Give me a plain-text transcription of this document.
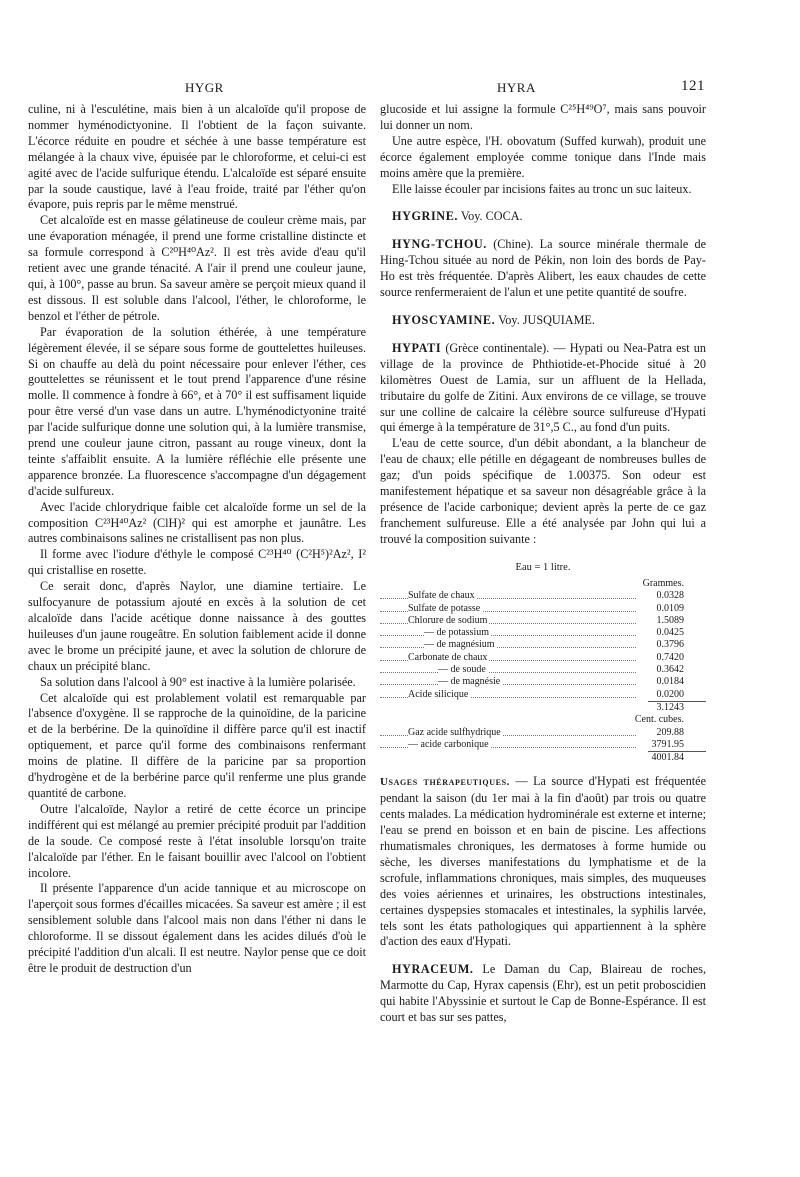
HYGR	HYRA	121

culine, ni à l'esculétine, mais bien à un alcaloïde qu'il propose de nommer hyménodictyonine. Il l'obtient de la façon suivante. L'écorce réduite en poudre et séchée à une basse température est mélangée à la chaux vive, épuisée par le chloroforme, et celui-ci est agité avec de l'acide sulfurique étendu. L'alcaloïde est séparé ensuite par la soude caustique, lavé à l'eau froide, traité par l'éther qu'on évapore, puis repris par le même menstrué.

Cet alcaloïde est en masse gélatineuse de couleur crème mais, par une évaporation ménagée, il prend une forme cristalline distincte et sa formule correspond à C²⁰H⁴⁰Az². Il est très avide d'eau qu'il retient avec une grande ténacité. A l'air il prend une couleur jaune, qui, à 100°, passe au brun. Sa saveur amère se perçoit mieux quand il est dissous. Il est soluble dans l'alcool, l'éther, le chloroforme, le benzol et l'éther de pétrole.

Par évaporation de la solution éthérée, à une température légèrement élevée, il se sépare sous forme de gouttelettes huileuses. Si on chauffe au delà du point nécessaire pour enlever l'éther, ces gouttelettes se réunissent et le tout prend l'apparence d'une résine molle. Il commence à fondre à 66°, et à 70° il est suffisament liquide pour être versé d'un vase dans un autre. L'hyménodictyonine traité par l'acide sulfurique donne une solution qui, à la lumière transmise, prend une couleur jaune citron, passant au rouge vineux, dont la teinte s'affaiblit ensuite. A la lumière réfléchie elle présente une apparence bronzée. La fluorescence s'accompagne d'un dégagement d'acide sulfureux.

Avec l'acide chlorydrique faible cet alcaloïde forme un sel de la composition C²³H⁴⁰Az² (ClH)² qui est amorphe et jaunâtre. Les autres combinaisons salines ne cristallisent pas non plus.

Il forme avec l'iodure d'éthyle le composé C²³H⁴⁰ (C²H⁵)²Az², I² qui cristallise en rosette.

Ce serait donc, d'après Naylor, une diamine tertiaire. Le sulfocyanure de potassium ajouté en excès à la solution de cet alcaloïde dans l'acide acétique donne naissance à des gouttes huileuses d'un jaune rougeâtre. En solution faiblement acide il donne avec le brome un précipité jaune, et avec la solution de chlorure de chaux un précipité blanc.

Sa solution dans l'alcool à 90° est inactive à la lumière polarisée.

Cet alcaloïde qui est prolablement volatil est remarquable par l'absence d'oxygène. Il se rapproche de la quinoïdine, de la paricine et de la berbérine. De la quinoïdine il diffère parce qu'il est inactif optiquement, et parce qu'il forme des combinaisons renfermant moins de platine. Il diffère de la paricine par sa proportion d'hydrogène et de la berbérine parce qu'il renferme une plus grande quantité de carbone.

Outre l'alcaloïde, Naylor a retiré de cette écorce un principe indifférent qui est mélangé au premier précipité produit par l'addition de la soude. Ce composé reste à l'état insoluble lorsqu'on traite l'alcaloïde par l'éther. En le faisant bouillir avec l'alcool on l'obtient incolore.

Il présente l'apparence d'un acide tannique et au microscope on l'aperçoit sous formes d'écailles micacées. Sa saveur est amère ; il est sensiblement soluble dans l'alcool mais non dans l'éther ni dans le chloroforme. Il se dissout également dans les acides dilués d'où le précipité l'addition d'un alcali. Il est neutre. Naylor pense que ce doit être le produit de destruction d'un

glucoside et lui assigne la formule C²⁵H⁴⁹O⁷, mais sans pouvoir lui donner un nom.

Une autre espèce, l'H. obovatum (Suffed kurwah), produit une écorce également employée comme tonique dans l'Inde mais moins amère que la première.

Elle laisse écouler par incisions faites au tronc un suc laiteux.

HYGRINE. Voy. COCA.

HYNG-TCHOU. (Chine). La source minérale thermale de Hing-Tchou située au nord de Pékin, non loin des bords de Pay-Ho est très fréquentée. D'après Alibert, les eaux chaudes de cette source renfermeraient de l'alun et une petite quantité de soufre.

HYOSCYAMINE. Voy. JUSQUIAME.

HYPATI (Grèce continentale). — Hypati ou Nea-Patra est un village de la province de Phthiotide-et-Phocide situé à 20 kilomètres Ouest de Lamia, sur un affluent de la Hellada, tributaire du golfe de Zitini. Aux environs de ce village, se trouve sur une colline de calcaire la célèbre source sulfureuse d'Hypati qui émerge à la température de 31°,5 C., au fond d'un puits.

L'eau de cette source, d'un débit abondant, a la blancheur de l'eau de chaux; elle pétille en dégageant de nombreuses bulles de gaz; d'un poids spécifique de 1.00375. Son odeur est manifestement hépatique et sa saveur non désagréable grâce à la présence de l'acide carbonique; devient après la perte de ce gaz franchement sulfureuse. Elle a été analysée par John qui lui a trouvé la composition suivante :

Eau = 1 litre.
Grammes.
Sulfate de chaux	0.0328
Sulfate de potasse	0.0109
Chlorure de sodium	1.5089
— de potassium	0.0425
— de magnésium	0.3796
Carbonate de chaux	0.7420
— de soude	0.3642
— de magnésie	0.0184
Acide silicique	0.0200
3.1243
Cent. cubes.
Gaz acide sulfhydrique	209.88
— acide carbonique	3791.95
4001.84

Usages thérapeutiques. — La source d'Hypati est fréquentée pendant la saison (du 1er mai à la fin d'août) par trois ou quatre cents malades. La médication hydrominérale est externe et interne; l'eau se prend en boisson et en bain de piscine. Les affections rhumatismales chroniques, les dermatoses à forme humide ou sèche, les diverses manifestations du lymphatisme et de la scrofule, inflammations chroniques, mais simples, des muqueuses des voies aériennes et urinaires, les obstructions intestinales, certaines dyspepsies stomacales et intestinales, la syphilis larvée, tels sont les états pathologiques qui appartiennent à la sphère d'action des eaux d'Hypati.

HYRACEUM. Le Daman du Cap, Blaireau de roches, Marmotte du Cap, Hyrax capensis (Ehr), est un petit proboscidien qui habite l'Abyssinie et surtout le Cap de Bonne-Espérance. Il est court et bas sur ses pattes,
